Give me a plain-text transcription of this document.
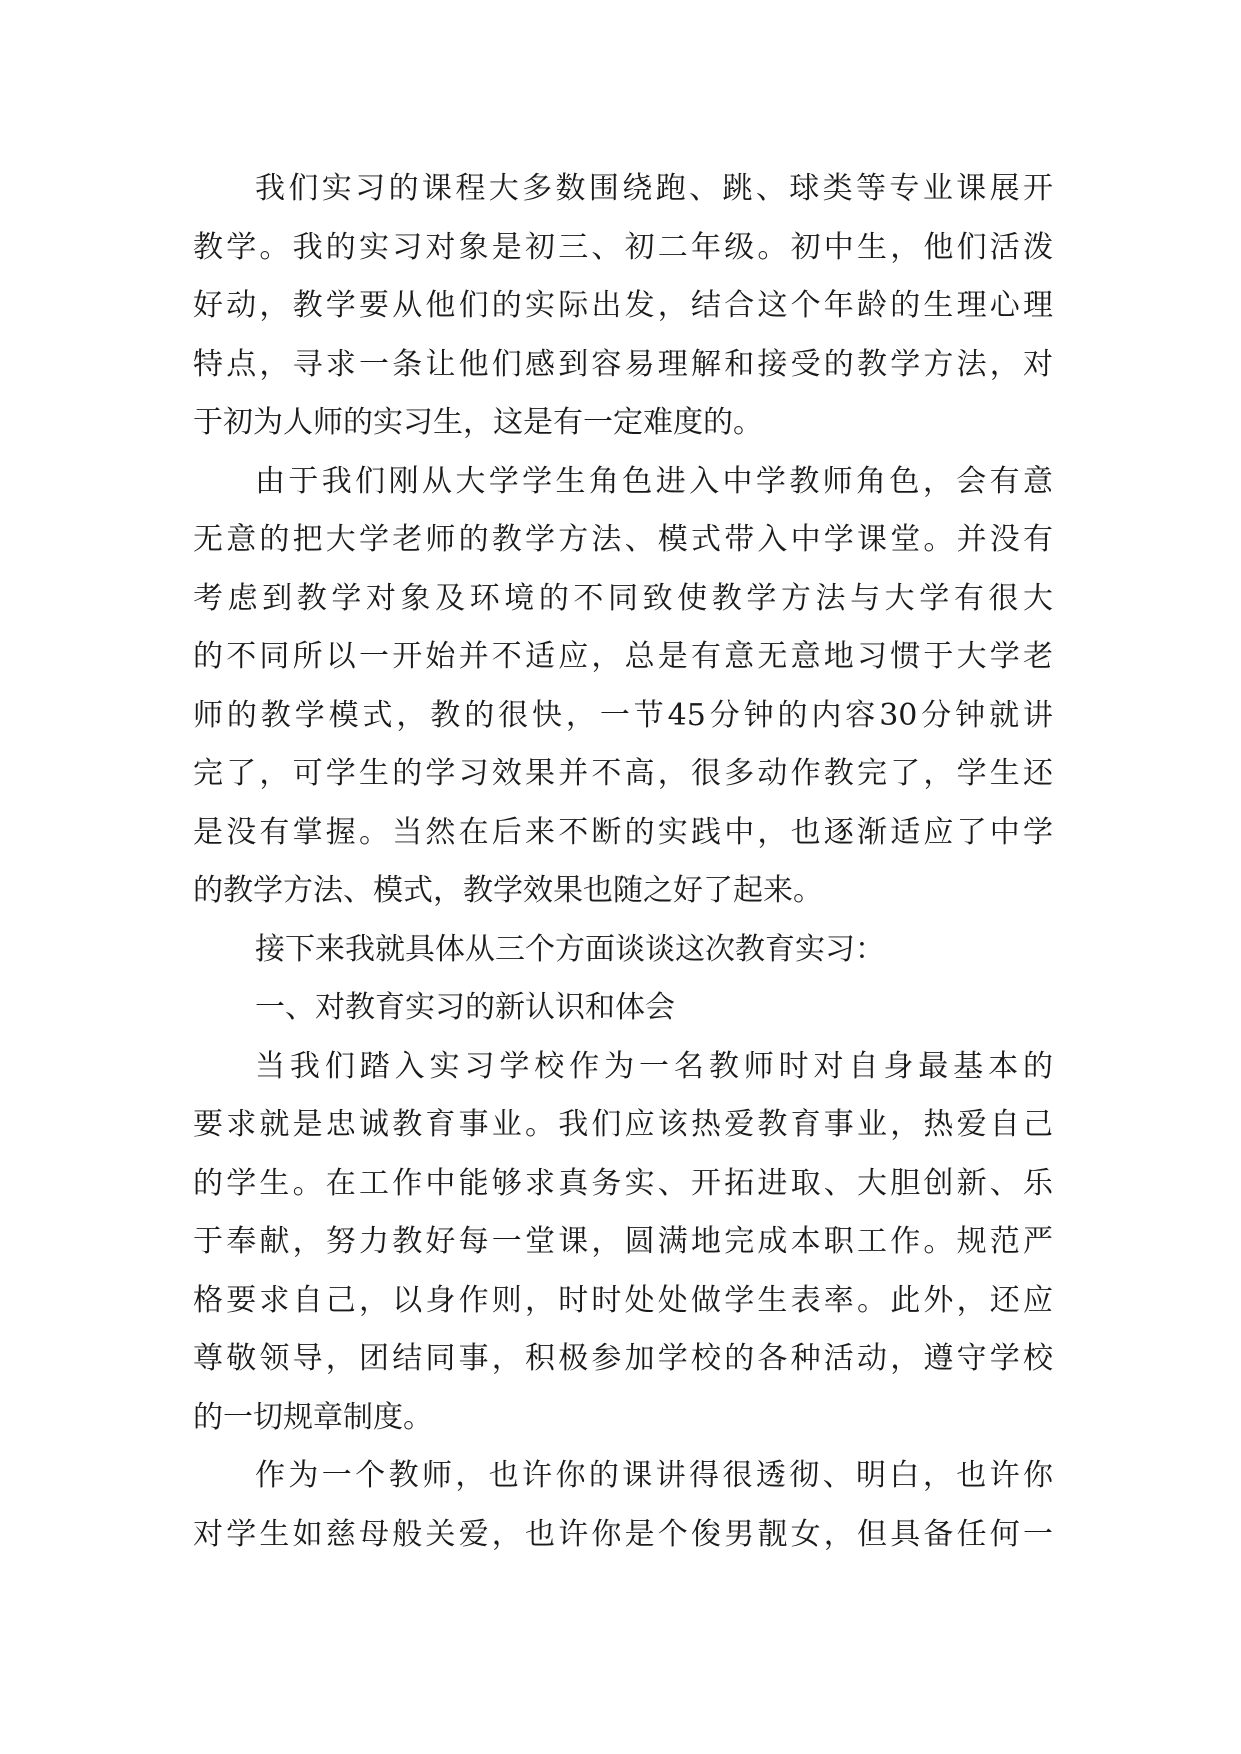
我们实习的课程大多数围绕跑、跳、球类等专业课展开
教学。我的实习对象是初三、初二年级。初中生，他们活泼
好动，教学要从他们的实际出发，结合这个年龄的生理心理
特点，寻求一条让他们感到容易理解和接受的教学方法，对
于初为人师的实习生，这是有一定难度的。
由于我们刚从大学学生角色进入中学教师角色，会有意
无意的把大学老师的教学方法、模式带入中学课堂。并没有
考虑到教学对象及环境的不同致使教学方法与大学有很大
的不同所以一开始并不适应，总是有意无意地习惯于大学老
师的教学模式，教的很快，一节45分钟的内容30分钟就讲
完了，可学生的学习效果并不高，很多动作教完了，学生还
是没有掌握。当然在后来不断的实践中，也逐渐适应了中学
的教学方法、模式，教学效果也随之好了起来。
接下来我就具体从三个方面谈谈这次教育实习：
一、对教育实习的新认识和体会
当我们踏入实习学校作为一名教师时对自身最基本的
要求就是忠诚教育事业。我们应该热爱教育事业，热爱自己
的学生。在工作中能够求真务实、开拓进取、大胆创新、乐
于奉献，努力教好每一堂课，圆满地完成本职工作。规范严
格要求自己，以身作则，时时处处做学生表率。此外，还应
尊敬领导，团结同事，积极参加学校的各种活动，遵守学校
的一切规章制度。
作为一个教师，也许你的课讲得很透彻、明白，也许你
对学生如慈母般关爱，也许你是个俊男靓女，但具备任何一
